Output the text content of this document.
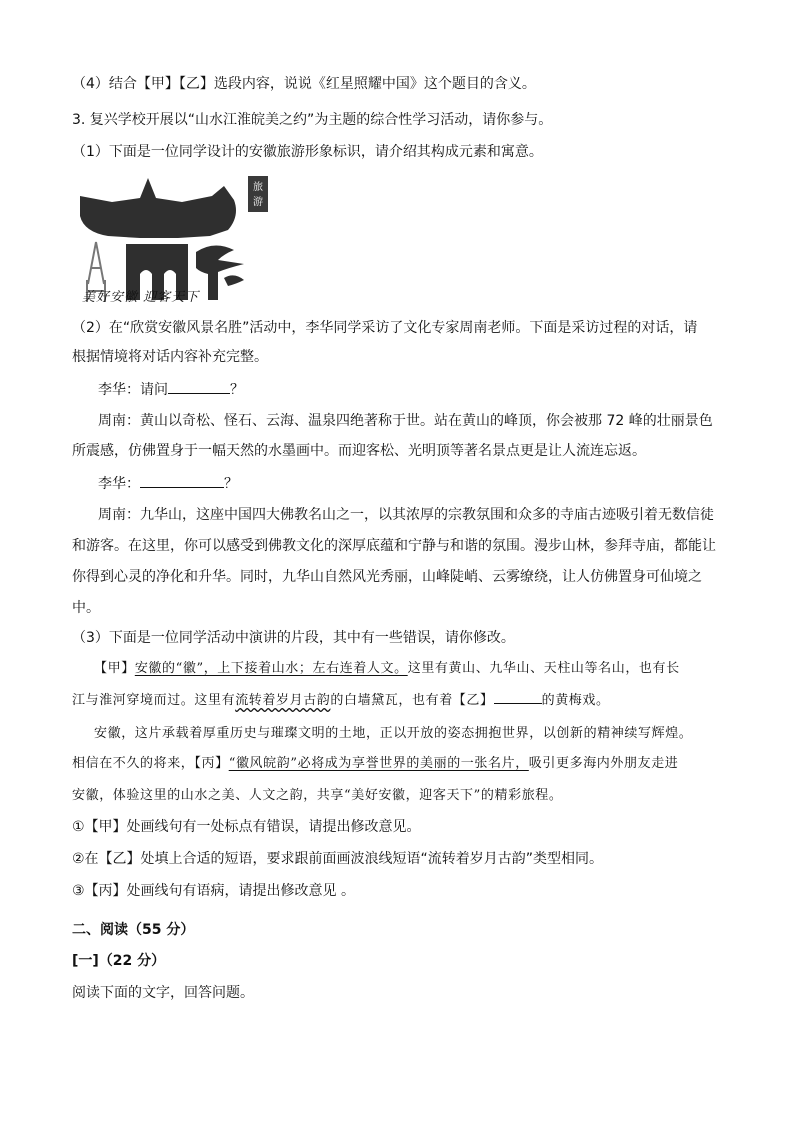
（4）结合【甲】【乙】选段内容，说说《红星照耀中国》这个题目的含义。
3. 复兴学校开展以“山水江淮皖美之约”为主题的综合性学习活动，请你参与。
（1）下面是一位同学设计的安徽旅游形象标识，请介绍其构成元素和寓意。
旅
游
美好安徽 迎客天下
（2）在“欣赏安徽风景名胜”活动中，李华同学采访了文化专家周南老师。下面是采访过程的对话，请
根据情境将对话内容补充完整。
李华：请问	？
周南：黄山以奇松、怪石、云海、温泉四绝著称于世。站在黄山的峰顶，你会被那 72 峰的壮丽景色
所震感，仿佛置身于一幅天然的水墨画中。而迎客松、光明顶等著名景点更是让人流连忘返。
李华：	？
周南：九华山，这座中国四大佛教名山之一，以其浓厚的宗教氛围和众多的寺庙古迹吸引着无数信徒
和游客。在这里，你可以感受到佛教文化的深厚底蕴和宁静与和谐的氛围。漫步山林，参拜寺庙，都能让
你得到心灵的净化和升华。同时，九华山自然风光秀丽，山峰陡峭、云雾缭绕，让人仿佛置身可仙境之
中。
（3）下面是一位同学活动中演讲的片段，其中有一些错误，请你修改。
【甲】安徽的“徽”，上下接着山水；左右连着人文。这里有黄山、九华山、天柱山等名山，也有长
江与淮河穿境而过。这里有流转着岁月古韵的白墙黛瓦，也有着【乙】	的黄梅戏。
安徽，这片承载着厚重历史与璀璨文明的土地，正以开放的姿态拥抱世界，以创新的精神续写辉煌。
相信在不久的将来，【丙】“徽风皖韵”必将成为享誉世界的美丽的一张名片，吸引更多海内外朋友走进
安徽，体验这里的山水之美、人文之韵，共享“美好安徽，迎客天下”的精彩旅程。
①【甲】处画线句有一处标点有错误，请提出修改意见。
②在【乙】处填上合适的短语，要求跟前面画波浪线短语“流转着岁月古韵”类型相同。
③【丙】处画线句有语病，请提出修改意见 。
二、阅读（55 分）
[一]（22 分）
阅读下面的文字，回答问题。
